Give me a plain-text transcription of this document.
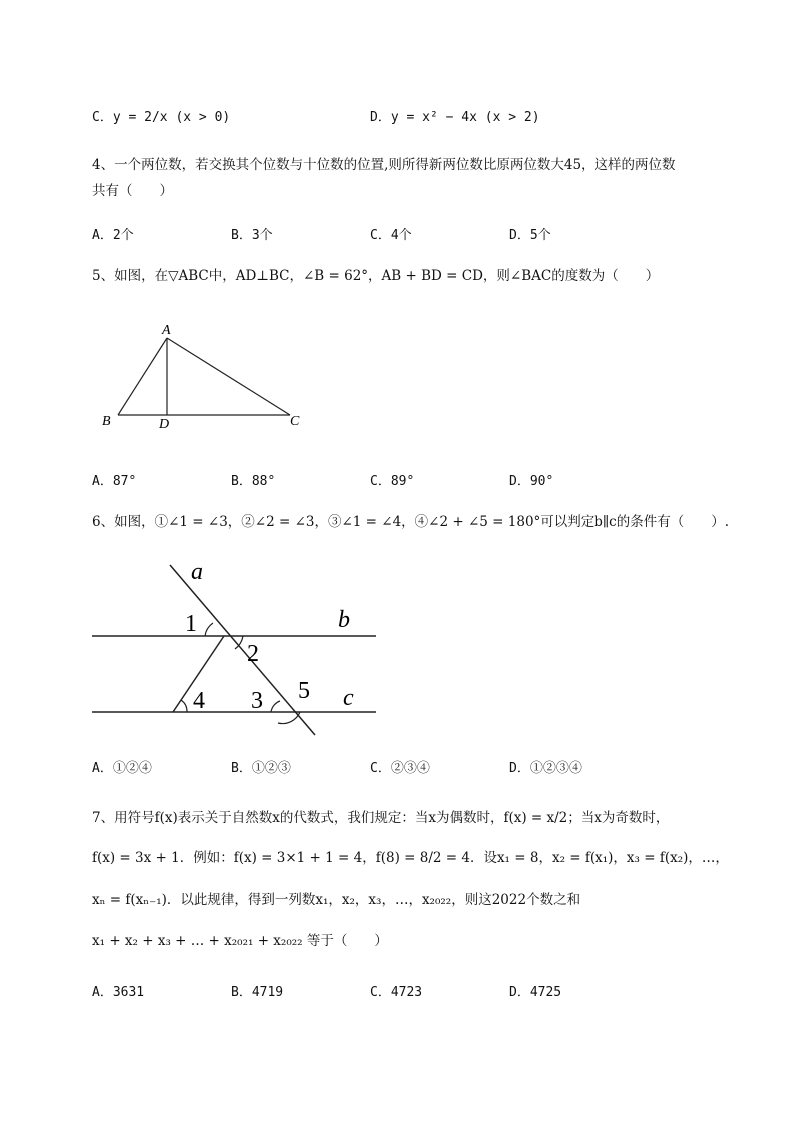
C．y = 2/x (x > 0)	D．y = x² − 4x (x > 2)
4、一个两位数，若交换其个位数与十位数的位置,则所得新两位数比原两位数大45，这样的两位数
共有（　　）
A．2个	B．3个	C．4个	D．5个
5、如图，在▽ABC中，AD⊥BC，∠B = 62°，AB + BD = CD，则∠BAC的度数为（　　）
A
B	D	C
A．87°	B．88°	C．89°	D．90°
6、如图，①∠1 = ∠3，②∠2 = ∠3，③∠1 = ∠4，④∠2 + ∠5 = 180°可以判定b∥c的条件有（　　）.
a
b
c
1
2
3
4	5
A．①②④	B．①②③	C．②③④	D．①②③④
7、用符号f(x)表示关于自然数x的代数式，我们规定：当x为偶数时，f(x) = x/2；当x为奇数时，
f(x) = 3x + 1．例如：f(x) = 3×1 + 1 = 4，f(8) = 8/2 = 4．设x₁ = 8，x₂ = f(x₁)，x₃ = f(x₂)，…，
xₙ = f(xₙ₋₁)．以此规律，得到一列数x₁，x₂，x₃，…，x₂₀₂₂，则这2022个数之和
x₁ + x₂ + x₃ + … + x₂₀₂₁ + x₂₀₂₂ 等于（　　）
A．3631	B．4719	C．4723	D．4725
